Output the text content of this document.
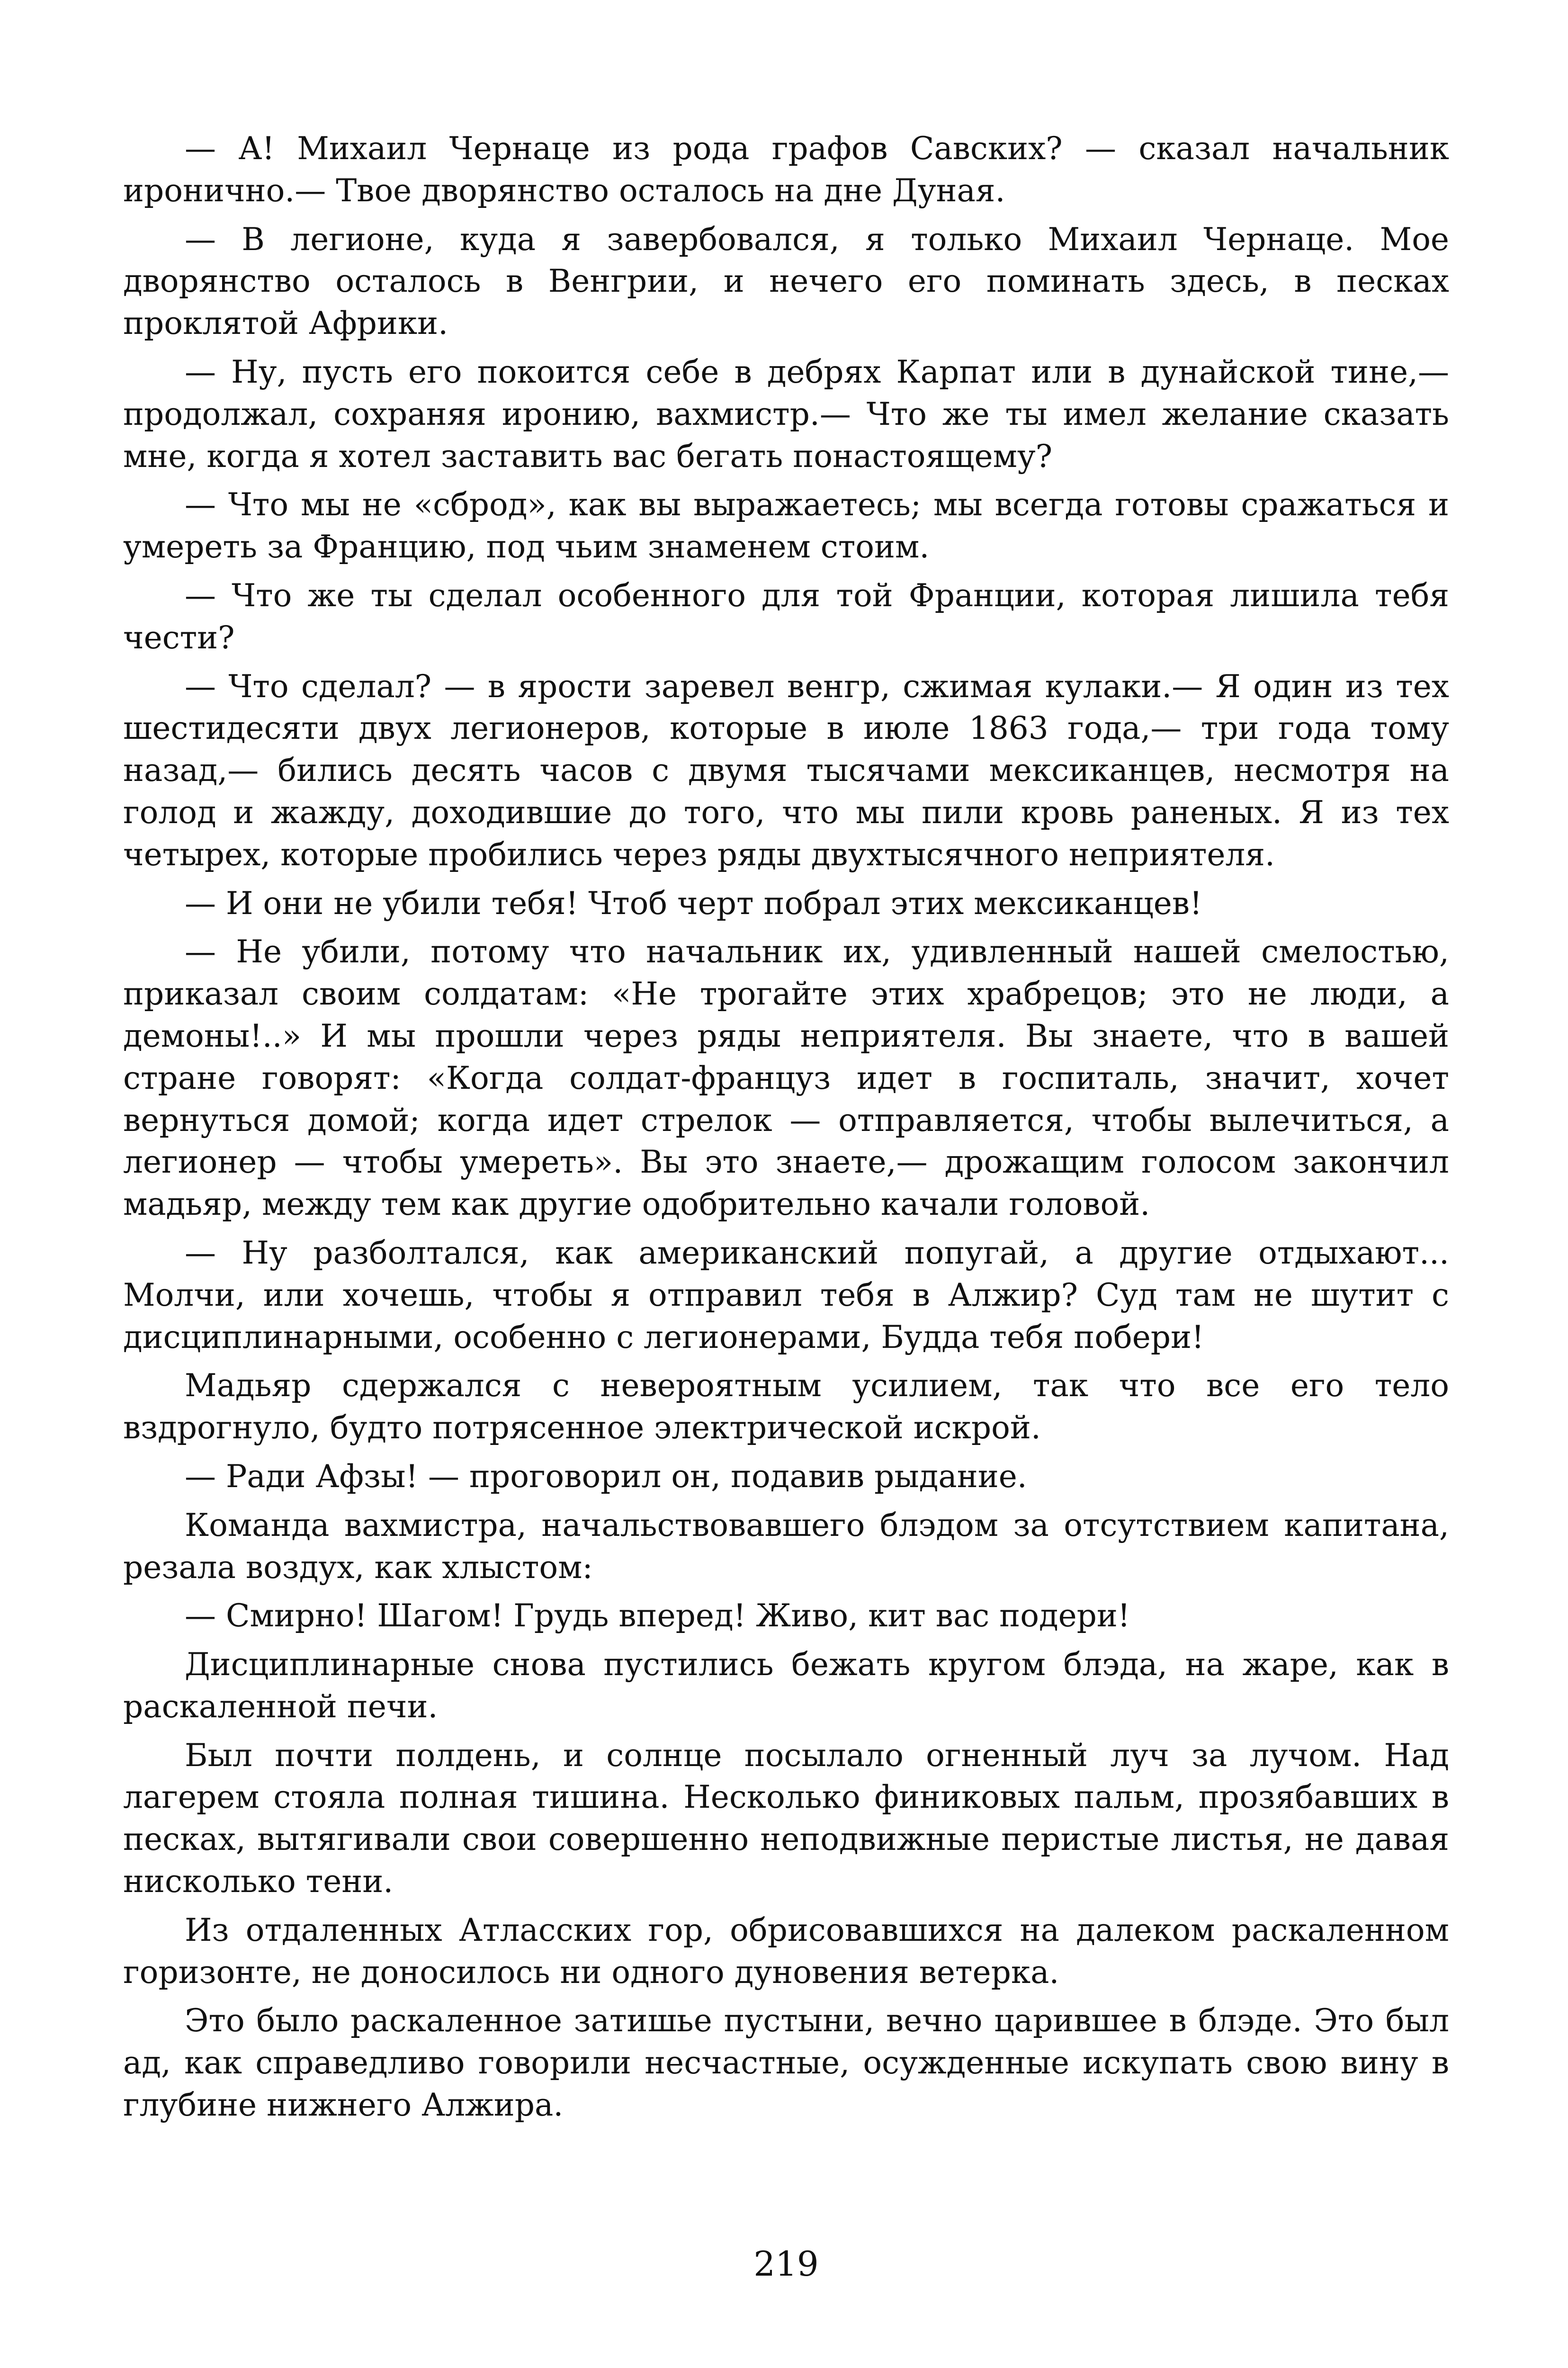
— А! Михаил Чернаце из рода графов Савских? — сказал начальник иронично.— Твое дворянство осталось на дне Дуная.

— В легионе, куда я завербовался, я только Михаил Чернаце. Мое дворянство осталось в Венгрии, и нечего его поминать здесь, в песках проклятой Африки.

— Ну, пусть его покоится себе в дебрях Карпат или в дунайской тине,— продолжал, сохраняя иронию, вахмистр.— Что же ты имел желание сказать мне, когда я хотел заставить вас бегать понастоящему?

— Что мы не «сброд», как вы выражаетесь; мы всегда готовы сражаться и умереть за Францию, под чьим знаменем стоим.

— Что же ты сделал особенного для той Франции, которая лишила тебя чести?

— Что сделал? — в ярости заревел венгр, сжимая кулаки.— Я один из тех шестидесяти двух легионеров, которые в июле 1863 года,— три года тому назад,— бились десять часов с двумя тысячами мексиканцев, несмотря на голод и жажду, доходившие до того, что мы пили кровь раненых. Я из тех четырех, которые пробились через ряды двухтысячного неприятеля.

— И они не убили тебя! Чтоб черт побрал этих мексиканцев!

— Не убили, потому что начальник их, удивленный нашей смелостью, приказал своим солдатам: «Не трогайте этих храбрецов; это не люди, а демоны!..» И мы прошли через ряды неприятеля. Вы знаете, что в вашей стране говорят: «Когда солдат-француз идет в госпиталь, значит, хочет вернуться домой; когда идет стрелок — отправляется, чтобы вылечиться, а легионер — чтобы умереть». Вы это знаете,— дрожащим голосом закончил мадьяр, между тем как другие одобрительно качали головой.

— Ну разболтался, как американский попугай, а другие отдыхают... Молчи, или хочешь, чтобы я отправил тебя в Алжир? Суд там не шутит с дисциплинарными, особенно с легионерами, Будда тебя побери!

Мадьяр сдержался с невероятным усилием, так что все его тело вздрогнуло, будто потрясенное электрической искрой.

— Ради Афзы! — проговорил он, подавив рыдание.

Команда вахмистра, начальствовавшего блэдом за отсутствием капитана, резала воздух, как хлыстом:

— Смирно! Шагом! Грудь вперед! Живо, кит вас подери!

Дисциплинарные снова пустились бежать кругом блэда, на жаре, как в раскаленной печи.

Был почти полдень, и солнце посылало огненный луч за лучом. Над лагерем стояла полная тишина. Несколько финиковых пальм, прозябавших в песках, вытягивали свои совершенно неподвижные перистые листья, не давая нисколько тени.

Из отдаленных Атласских гор, обрисовавшихся на далеком раскаленном горизонте, не доносилось ни одного дуновения ветерка.

Это было раскаленное затишье пустыни, вечно царившее в блэде. Это был ад, как справедливо говорили несчастные, осужденные искупать свою вину в глубине нижнего Алжира.

219
